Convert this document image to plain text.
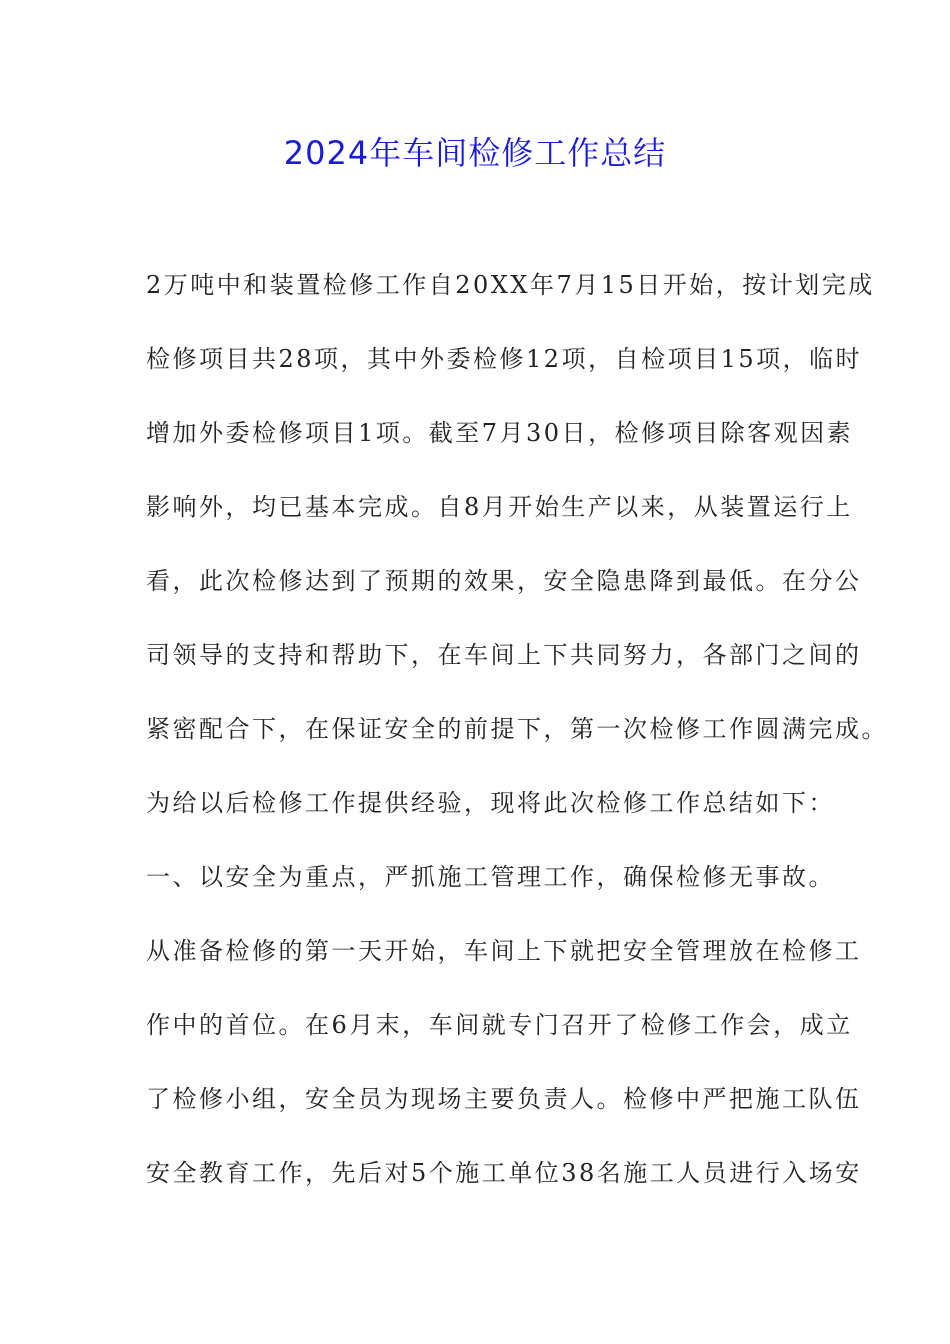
2024年车间检修工作总结
2万吨中和装置检修工作自20XX年7月15日开始，按计划完成
检修项目共28项，其中外委检修12项，自检项目15项，临时
增加外委检修项目1项。截至7月30日，检修项目除客观因素
影响外，均已基本完成。自8月开始生产以来，从装置运行上
看，此次检修达到了预期的效果，安全隐患降到最低。在分公
司领导的支持和帮助下，在车间上下共同努力，各部门之间的
紧密配合下，在保证安全的前提下，第一次检修工作圆满完成。
为给以后检修工作提供经验，现将此次检修工作总结如下：
一、以安全为重点，严抓施工管理工作，确保检修无事故。
从准备检修的第一天开始，车间上下就把安全管理放在检修工
作中的首位。在6月末，车间就专门召开了检修工作会，成立
了检修小组，安全员为现场主要负责人。检修中严把施工队伍
安全教育工作，先后对5个施工单位38名施工人员进行入场安
